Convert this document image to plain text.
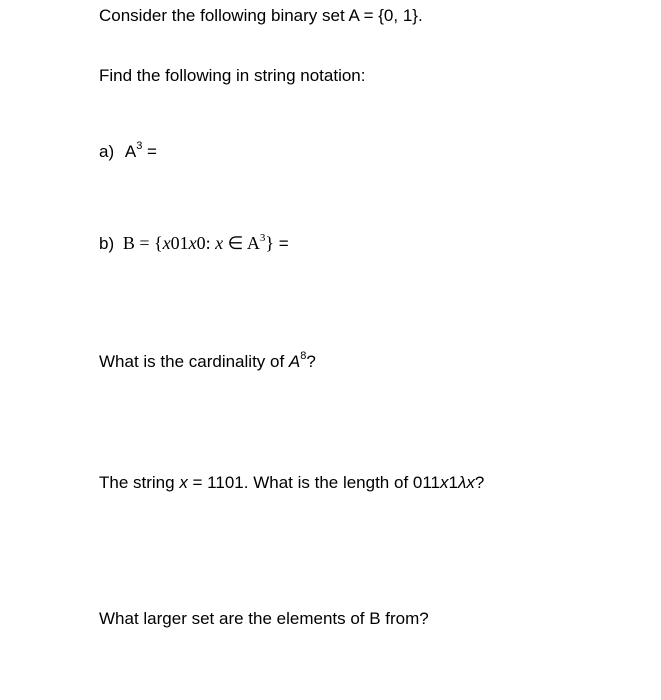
Consider the following binary set A = {0, 1}.
Find the following in string notation:
a) $A^3$ =
b) B = {x01x0: x ∈ $A^3$} =
What is the cardinality of $A^8$?
The string x = 1101. What is the length of 011x1λx?
What larger set are the elements of B from?
